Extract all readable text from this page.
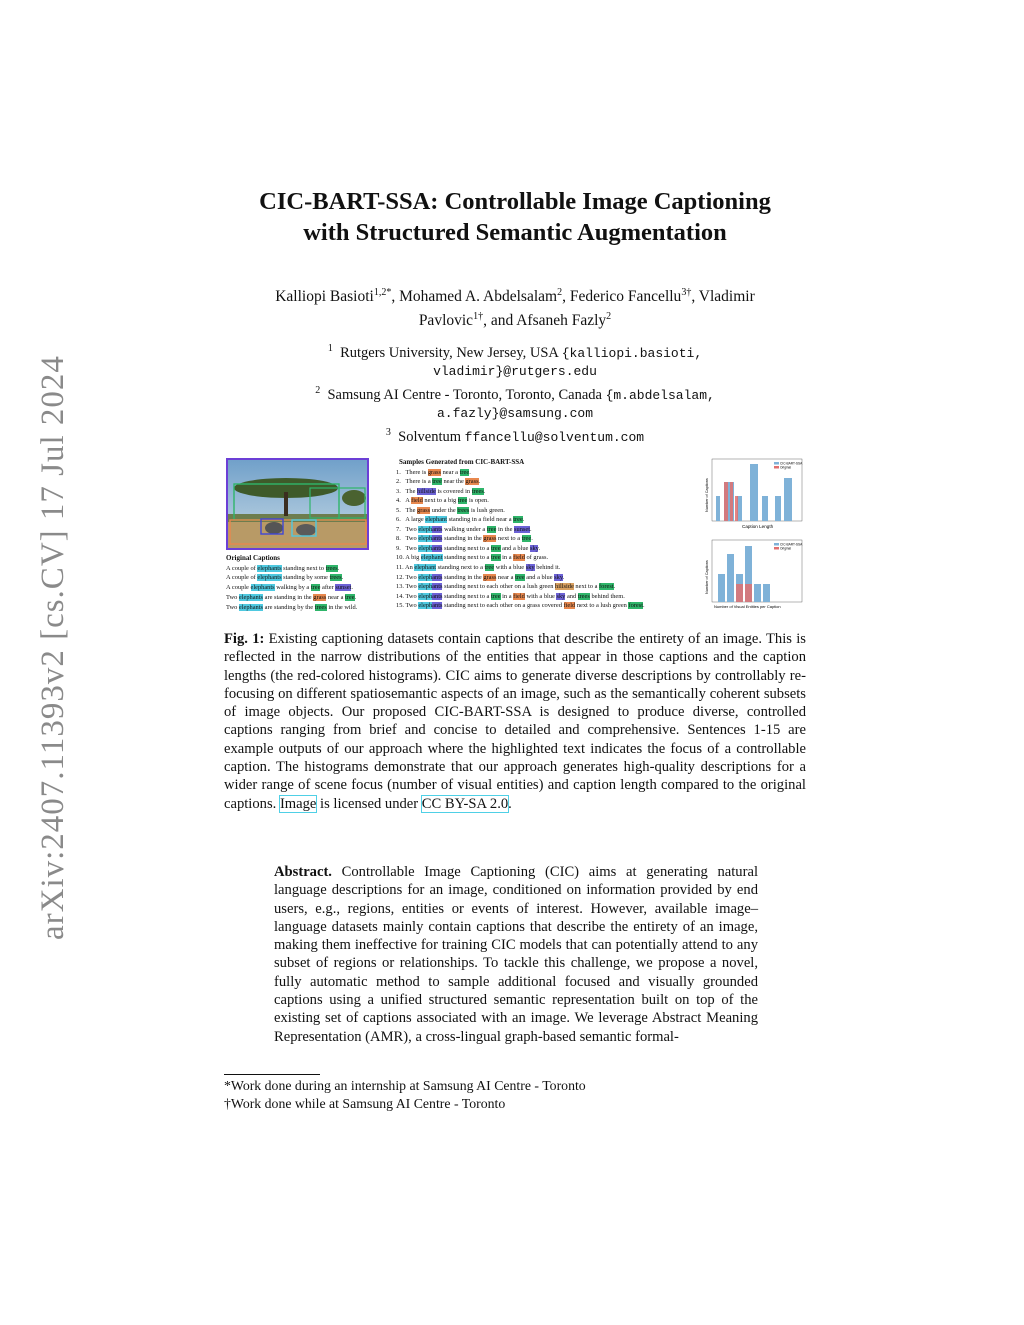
arXiv:2407.11393v2 [cs.CV] 17 Jul 2024
CIC-BART-SSA: Controllable Image Captioning
with Structured Semantic Augmentation
Kalliopi Basioti$^{1,2*}$, Mohamed A. Abdelsalam$^2$, Federico Fancellu$^{3\dagger}$, Vladimir
Pavlovic$^{1\dagger}$, and Afsaneh Fazly$^2$
$^1$ Rutgers University, New Jersey, USA {kalliopi.basioti,
vladimir}@rutgers.edu
$^2$ Samsung AI Centre - Toronto, Toronto, Canada {m.abdelsalam,
a.fazly}@samsung.com
$^3$ Solventum ffancellu@solventum.com
Original Captions
A couple of elephants standing next to trees.
A couple of elephants standing by some trees.
A couple elephants walking by a tree after sunset.
Two elephants are standing in the grass near a tree.
Two elephants are standing by the trees in the wild.
Samples Generated from CIC-BART-SSA
1.   There is grass near a tree.
2.   There is a tree near the grass.
3.   The hillside is covered in trees.
4.   A field next to a big tree is open.
5.   The grass under the trees is lush green.
6.   A large elephant standing in a field near a tree.
7.   Two elephants walking under a tree in the sunset.
8.   Two elephants standing in the grass next to a tree.
9.   Two elephants standing next to a tree and a blue sky.
10. A big elephant standing next to a tree in a field of grass.
11. An elephant standing next to a tree with a blue sky behind it.
12. Two elephants standing in the grass near a tree and a blue sky.
13. Two elephants standing next to each other on a lush green hillside next to a forest.
14. Two elephants standing next to a tree in a field with a blue sky and trees behind them.
15. Two elephants standing next to each other on a grass covered field next to a lush green forest.
CIC-BART-SSA
Original
Caption Length
Number of Captions
CIC-BART-SSA
Original
Number of Visual Entities per Caption
Number of Captions
Fig. 1: Existing captioning datasets contain captions that describe the entirety of an image. This is reflected in the narrow distributions of the entities that appear in those captions and the caption lengths (the red-colored histograms). CIC aims to generate diverse descriptions by controllably re-focusing on different spatiosemantic aspects of an image, such as the semantically coherent subsets of image objects. Our proposed CIC-BART-SSA is designed to produce diverse, controlled captions ranging from brief and concise to detailed and comprehensive. Sentences 1-15 are example outputs of our approach where the highlighted text indicates the focus of a controllable caption. The histograms demonstrate that our approach generates high-quality descriptions for a wider range of scene focus (number of visual entities) and caption length compared to the original captions. Image is licensed under CC BY-SA 2.0.
Abstract. Controllable Image Captioning (CIC) aims at generating natural language descriptions for an image, conditioned on information provided by end users, e.g., regions, entities or events of interest. However, available image–language datasets mainly contain captions that describe the entirety of an image, making them ineffective for training CIC models that can potentially attend to any subset of regions or relationships. To tackle this challenge, we propose a novel, fully automatic method to sample additional focused and visually grounded captions using a unified structured semantic representation built on top of the existing set of captions associated with an image. We leverage Abstract Meaning Representation (AMR), a cross-lingual graph-based semantic formal-
*Work done during an internship at Samsung AI Centre - Toronto
†Work done while at Samsung AI Centre - Toronto
